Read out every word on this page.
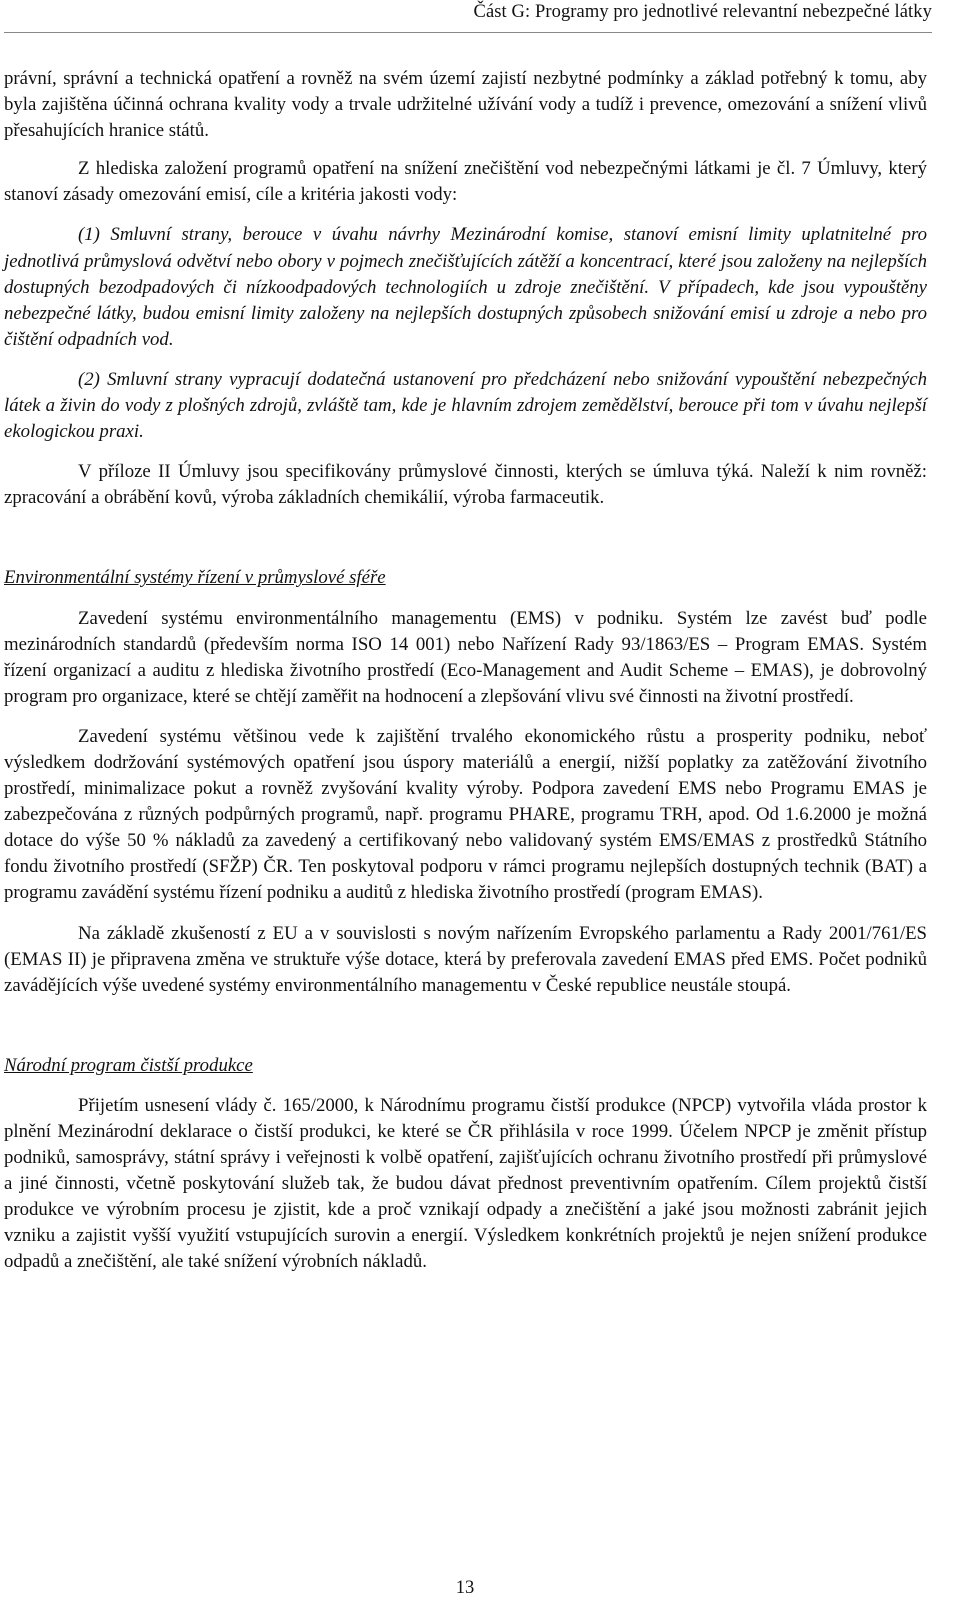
Část G: Programy pro jednotlivé relevantní nebezpečné látky

právní, správní a technická opatření a rovněž na svém území zajistí nezbytné podmínky a základ potřebný k tomu, aby byla zajištěna účinná ochrana kvality vody a trvale udržitelné užívání vody a tudíž i prevence, omezování a snížení vlivů přesahujících hranice států.

Z hlediska založení programů opatření na snížení znečištění vod nebezpečnými látkami je čl. 7 Úmluvy, který stanoví zásady omezování emisí, cíle a kritéria jakosti vody:

(1) Smluvní strany, berouce v úvahu návrhy Mezinárodní komise, stanoví emisní limity uplatnitelné pro jednotlivá průmyslová odvětví nebo obory v pojmech znečišťujících zátěží a koncentrací, které jsou založeny na nejlepších dostupných bezodpadových či nízkoodpadových technologiích u zdroje znečištění. V případech, kde jsou vypouštěny nebezpečné látky, budou emisní limity založeny na nejlepších dostupných způsobech snižování emisí u zdroje a nebo pro čištění odpadních vod.

(2) Smluvní strany vypracují dodatečná ustanovení pro předcházení nebo snižování vypouštění nebezpečných látek a živin do vody z plošných zdrojů, zvláště tam, kde je hlavním zdrojem zemědělství, berouce při tom v úvahu nejlepší ekologickou praxi.

V příloze II Úmluvy jsou specifikovány průmyslové činnosti, kterých se úmluva týká. Naleží k nim rovněž: zpracování a obrábění kovů, výroba základních chemikálií, výroba farmaceutik.

Environmentální systémy řízení v průmyslové sféře

Zavedení systému environmentálního managementu (EMS) v podniku. Systém lze zavést buď podle mezinárodních standardů (především norma ISO 14 001) nebo Nařízení Rady 93/1863/ES – Program EMAS. Systém řízení organizací a auditu z hlediska životního prostředí (Eco-Management and Audit Scheme – EMAS), je dobrovolný program pro organizace, které se chtějí zaměřit na hodnocení a zlepšování vlivu své činnosti na životní prostředí.

Zavedení systému většinou vede k zajištění trvalého ekonomického růstu a prosperity podniku, neboť výsledkem dodržování systémových opatření jsou úspory materiálů a energií, nižší poplatky za zatěžování životního prostředí, minimalizace pokut a rovněž zvyšování kvality výroby. Podpora zavedení EMS nebo Programu EMAS je zabezpečována z různých podpůrných programů, např. programu PHARE, programu TRH, apod. Od 1.6.2000 je možná dotace do výše 50 % nákladů za zavedený a certifikovaný nebo validovaný systém EMS/EMAS z prostředků Státního fondu životního prostředí (SFŽP) ČR. Ten poskytoval podporu v rámci programu nejlepších dostupných technik (BAT) a programu zavádění systému řízení podniku a auditů z hlediska životního prostředí (program EMAS).

Na základě zkušeností z EU a v souvislosti s novým nařízením Evropského parlamentu a Rady 2001/761/ES (EMAS II) je připravena změna ve struktuře výše dotace, která by preferovala zavedení EMAS před EMS. Počet podniků zavádějících výše uvedené systémy environmentálního managementu v České republice neustále stoupá.

Národní program čistší produkce

Přijetím usnesení vlády č. 165/2000, k Národnímu programu čistší produkce (NPCP) vytvořila vláda prostor k plnění Mezinárodní deklarace o čistší produkci, ke které se ČR přihlásila v roce 1999. Účelem NPCP je změnit přístup podniků, samosprávy, státní správy i veřejnosti k volbě opatření, zajišťujících ochranu životního prostředí při průmyslové a jiné činnosti, včetně poskytování služeb tak, že budou dávat přednost preventivním opatřením. Cílem projektů čistší produkce ve výrobním procesu je zjistit, kde a proč vznikají odpady a znečištění a jaké jsou možnosti zabránit jejich vzniku a zajistit vyšší využití vstupujících surovin a energií. Výsledkem konkrétních projektů je nejen snížení produkce odpadů a znečištění, ale také snížení výrobních nákladů.

13
